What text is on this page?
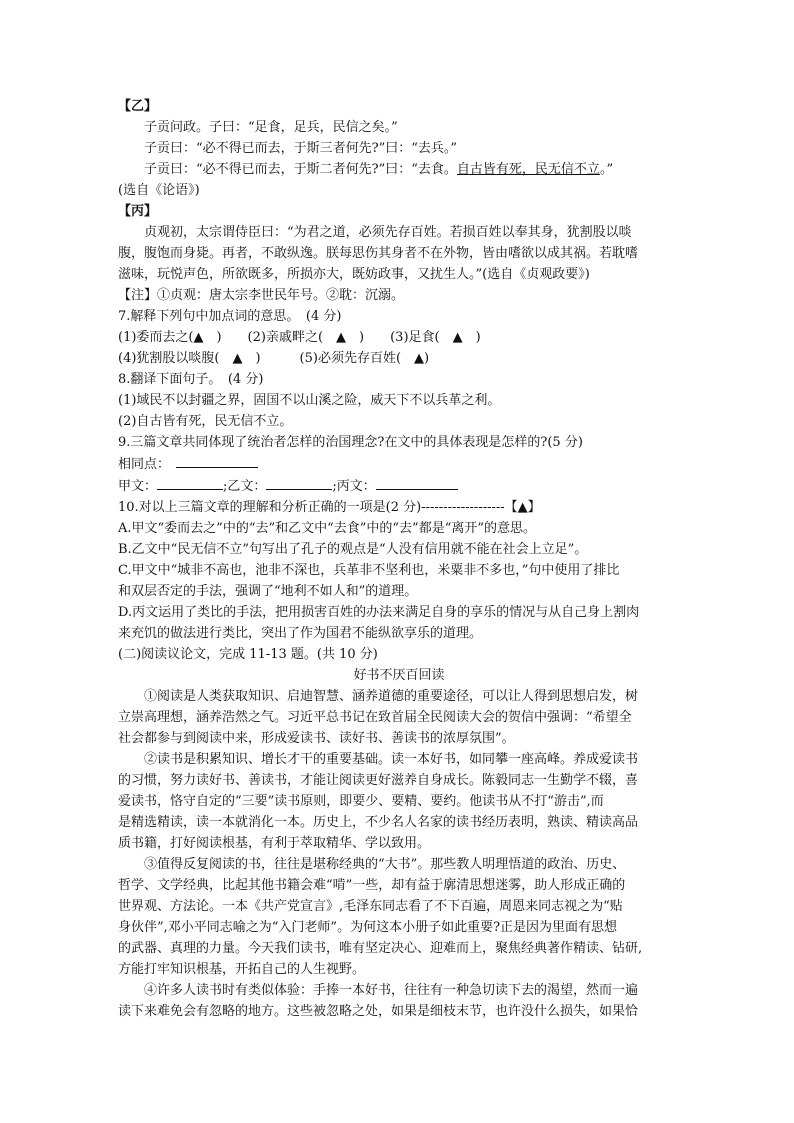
【乙】
子贡问政。子曰：“足食，足兵，民信之矣。”
子贡曰：“必不得已而去，于斯三者何先?”曰：“去兵。”
子贡曰：“必不得已而去，于斯二者何先?”曰：“去食。自古皆有死，民无信不立。”
(选自《论语》)
【丙】
贞观初，太宗谓侍臣曰：“为君之道，必须先存百姓。若损百姓以奉其身，犹割股以啖
腹，腹饱而身毙。再者，不敢纵逸。朕每思伤其身者不在外物，皆由嗜欲以成其祸。若耽嗜
滋味，玩悦声色，所欲既多，所损亦大，既妨政事，又扰生人。”(选自《贞观政要》)
【注】①贞观：唐太宗李世民年号。②耽：沉溺。
7.解释下列句中加点词的意思。　(4 分)
(1)委而去之(▲　)　　(2)亲戚畔之(　▲　)　　(3)足食(　▲　)
(4)犹割股以啖腹(　▲　)　　　(5)必须先存百姓(　▲)
8.翻译下面句子。　(4 分)
(1)域民不以封疆之界，固国不以山溪之险，威天下不以兵革之利。
(2)自古皆有死，民无信不立。
9.三篇文章共同体现了统治者怎样的治国理念?在文中的具体表现是怎样的?(5 分)
相同点：
甲文：	;乙文：	;丙文：
10.对以上三篇文章的理解和分析正确的一项是(2 分)-------------------【▲】
A.甲文“委而去之”中的“去”和乙文中“去食”中的“去”都是“离开”的意思。
B.乙文中“民无信不立”句写出了孔子的观点是“人没有信用就不能在社会上立足”。
C.甲文中“城非不高也，池非不深也，兵革非不坚利也，米粟非不多也，”句中使用了排比
和双层否定的手法，强调了“地利不如人和”的道理。
D.丙文运用了类比的手法，把用损害百姓的办法来满足自身的享乐的情况与从自己身上割肉
来充饥的做法进行类比，突出了作为国君不能纵欲享乐的道理。
(二)阅读议论文，完成 11-13 题。(共 10 分)
好书不厌百回读
①阅读是人类获取知识、启迪智慧、涵养道德的重要途径，可以让人得到思想启发，树
立崇高理想，涵养浩然之气。习近平总书记在致首届全民阅读大会的贺信中强调：“希望全
社会都参与到阅读中来，形成爱读书、读好书、善读书的浓厚氛围”。
②读书是积累知识、增长才干的重要基础。读一本好书，如同攀一座高峰。养成爱读书
的习惯，努力读好书、善读书，才能让阅读更好滋养自身成长。陈毅同志一生勤学不辍，喜
爱读书，恪守自定的“三要”读书原则，即要少、要精、要约。他读书从不打“游击”,而
是精选精读，读一本就消化一本。历史上，不少名人名家的读书经历表明，熟读、精读高品
质书籍，打好阅读根基，有利于萃取精华、学以致用。
③值得反复阅读的书，往往是堪称经典的“大书”。那些教人明理悟道的政治、历史、
哲学、文学经典，比起其他书籍会难“啃”一些，却有益于廓清思想迷雾，助人形成正确的
世界观、方法论。一本《共产党宣言》,毛泽东同志看了不下百遍，周恩来同志视之为“贴
身伙伴”,邓小平同志喻之为“入门老师”。为何这本小册子如此重要?正是因为里面有思想
的武器、真理的力量。今天我们读书，唯有坚定决心、迎难而上，聚焦经典著作精读、钻研,
方能打牢知识根基，开拓自己的人生视野。
④许多人读书时有类似体验：手捧一本好书，往往有一种急切读下去的渴望，然而一遍
读下来难免会有忽略的地方。这些被忽略之处，如果是细枝末节，也许没什么损失，如果恰
